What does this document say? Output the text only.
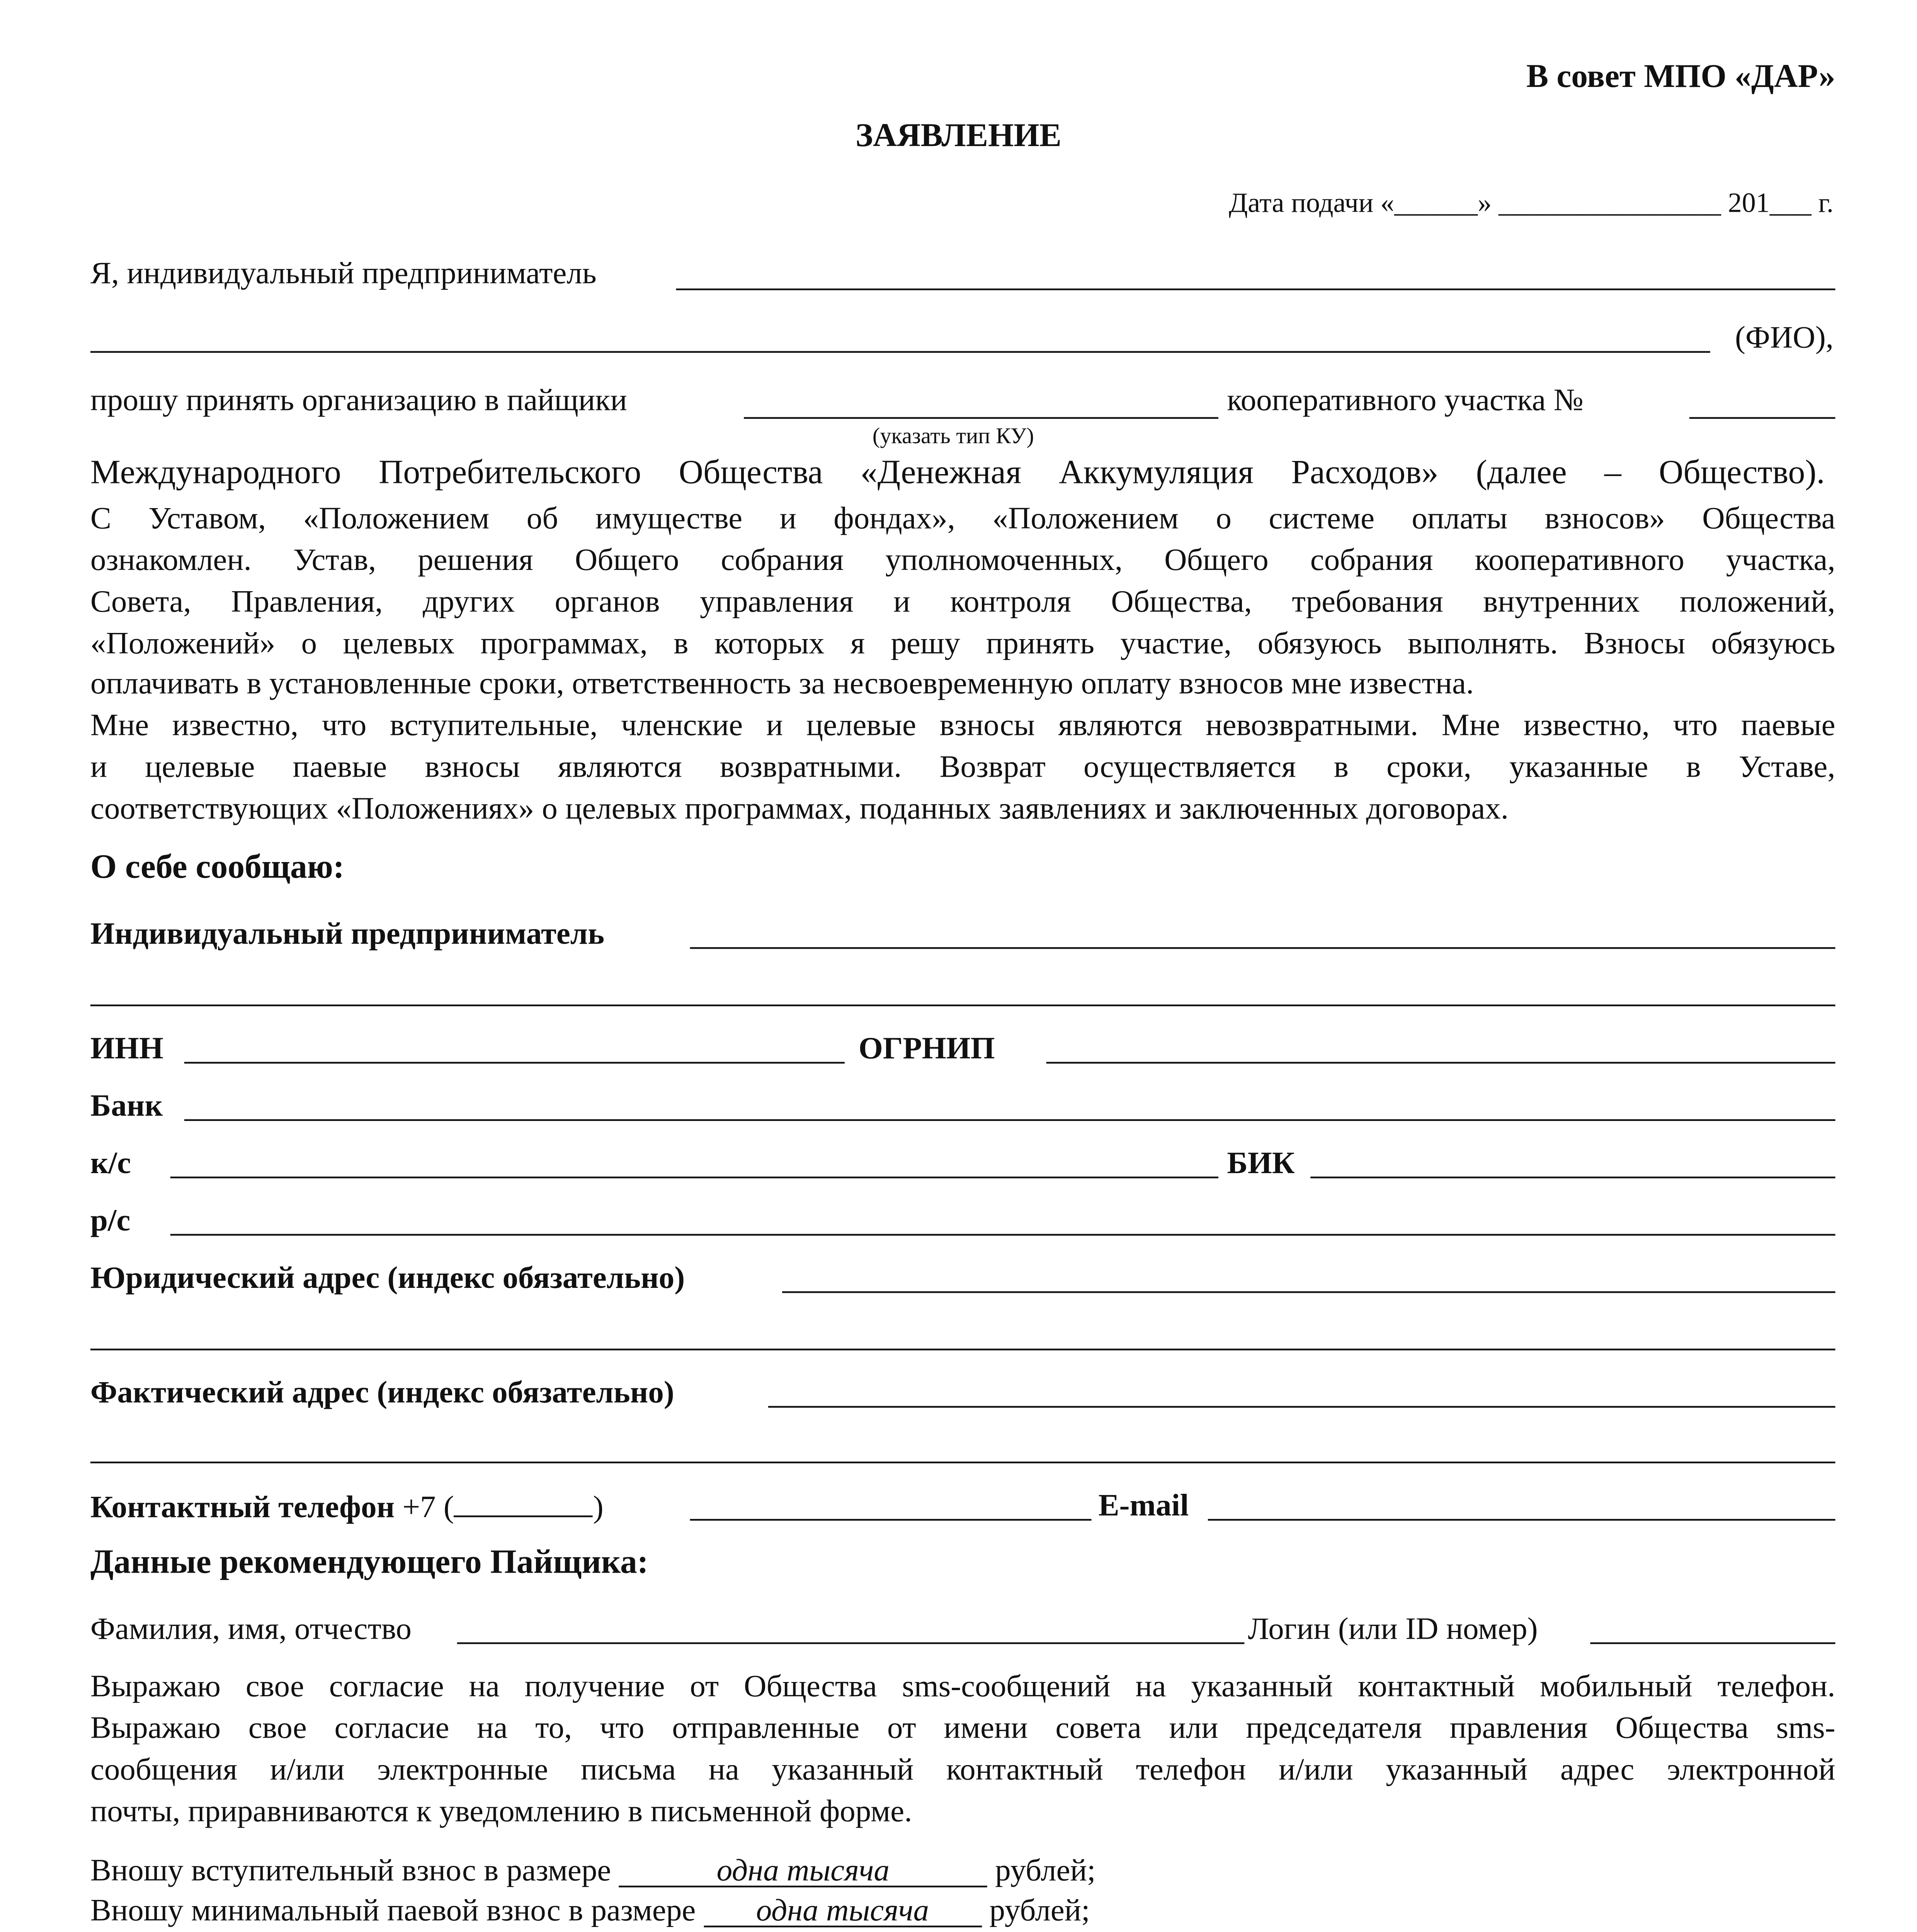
В совет МПО «ДАР»
ЗАЯВЛЕНИЕ
Дата подачи «______» ________________ 201___ г.
Я, индивидуальный предприниматель
(ФИО),
прошу принять организацию в пайщики	кооперативного участка №
(указать тип КУ)
Международного Потребительского Общества «Денежная Аккумуляция Расходов» (далее – Общество).
С Уставом, «Положением об имуществе и фондах», «Положением о системе оплаты взносов» Общества
ознакомлен. Устав, решения Общего собрания уполномоченных, Общего собрания кооперативного участка,
Совета, Правления, других органов управления и контроля Общества, требования внутренних положений,
«Положений» о целевых программах, в которых я решу принять участие, обязуюсь выполнять. Взносы обязуюсь
оплачивать в установленные сроки, ответственность за несвоевременную оплату взносов мне известна.
Мне известно, что вступительные, членские и целевые взносы являются невозвратными. Мне известно, что паевые
и целевые паевые взносы являются возвратными. Возврат осуществляется в сроки, указанные в Уставе,
соответствующих «Положениях» о целевых программах, поданных заявлениях и заключенных договорах.
О себе сообщаю:
Индивидуальный предприниматель
ИНН	ОГРНИП
Банк
к/с	БИК
р/с
Юридический адрес (индекс обязательно)
Фактический адрес (индекс обязательно)
Контактный телефон +7 (	)	E-mail
Данные рекомендующего Пайщика:
Фамилия, имя, отчество	Логин (или ID номер)
Выражаю свое согласие на получение от Общества sms-сообщений на указанный контактный мобильный телефон.
Выражаю свое согласие на то, что отправленные от имени совета или председателя правления Общества sms-
сообщения и/или электронные письма на указанный контактный телефон и/или указанный адрес электронной
почты, приравниваются к уведомлению в письменной форме.
Вношу вступительный взнос в размере	одна тысяча	рублей;
Вношу минимальный паевой взнос в размере	одна тысяча	рублей;
